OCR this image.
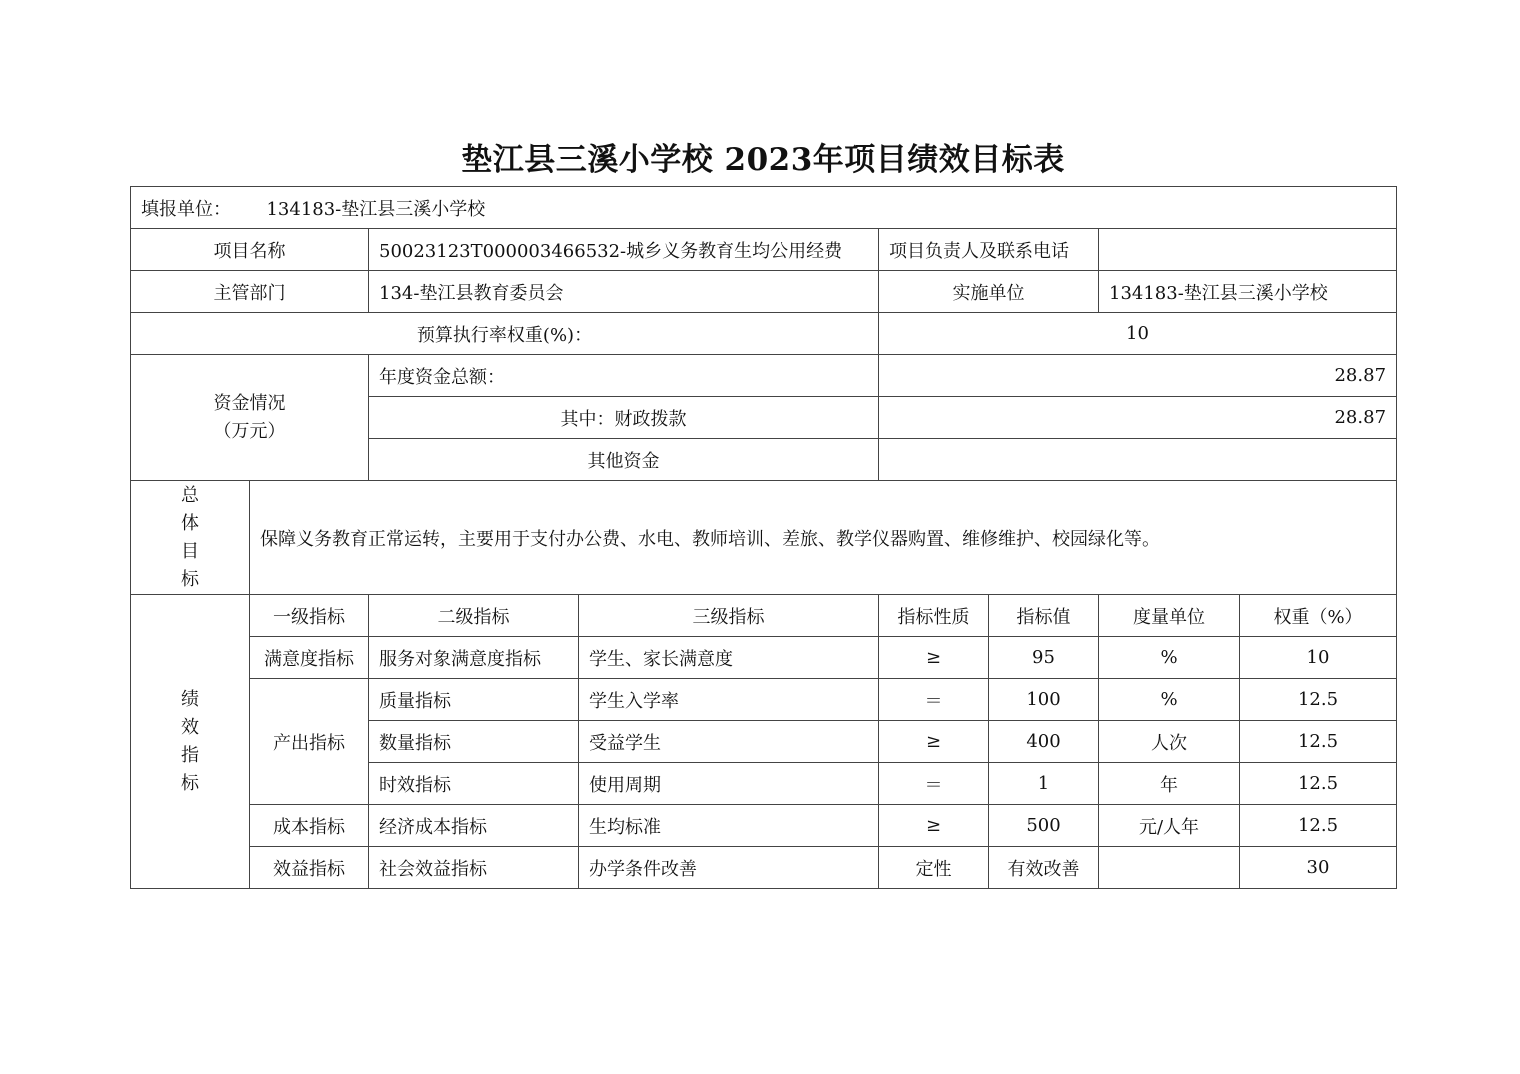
垫江县三溪小学校 2023年项目绩效目标表
填报单位： 134183-垫江县三溪小学校							
项目名称		50023123T000003466532-城乡义务教育生均公用经费		项目负责人及联系电话			
主管部门		134-垫江县教育委员会		实施单位		134183-垫江县三溪小学校	
预算执行率权重(%)：				10			

资金情况
（万元）		年度资金总额：		28.87			
		其中：财政拨款		28.87			
		其他资金					

总
体
目
标	保障义务教育正常运转，主要用于支付办公费、水电、教师培训、差旅、教学仪器购置、维修维护、校园绿化等。						

绩
效
指
标	一级指标	二级指标	三级指标	指标性质	指标值	度量单位	权重（%）
	满意度指标	服务对象满意度指标	学生、家长满意度	≥	95	%	10
	产出指标	质量指标	学生入学率	＝	100	%	12.5
		数量指标	受益学生	≥	400	人次	12.5
		时效指标	使用周期	＝	1	年	12.5
	成本指标	经济成本指标	生均标准	≥	500	元/人年	12.5
	效益指标	社会效益指标	办学条件改善	定性	有效改善		30
